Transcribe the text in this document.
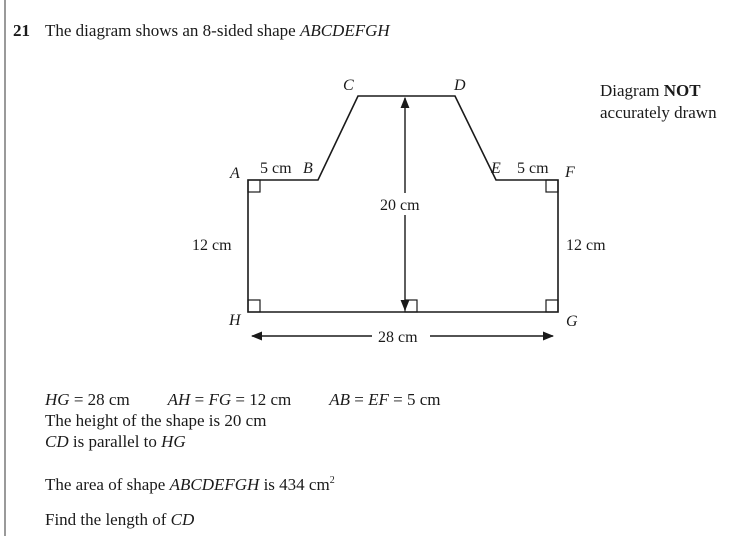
21 The diagram shows an 8-sided shape ABCDEFGH
Diagram NOT
accurately drawn
C	D
A	B	E	F
H	G
5 cm	5 cm
20 cm
12 cm	12 cm
28 cm
HG = 28 cm AH = FG = 12 cm AB = EF = 5 cm
The height of the shape is 20 cm
CD is parallel to HG
The area of shape ABCDEFGH is 434 $cm^2$
Find the length of CD
